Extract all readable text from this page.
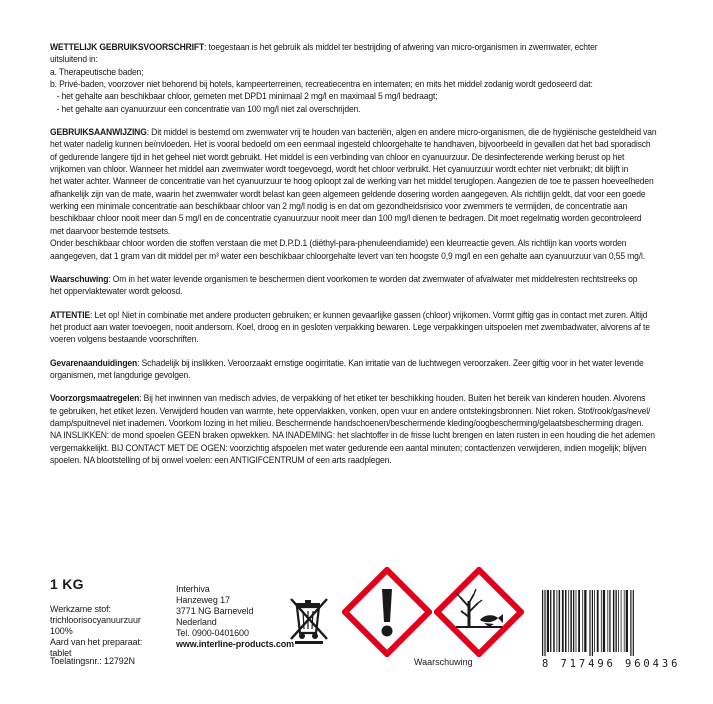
WETTELIJK GEBRUIKSVOORSCHRIFT: toegestaan is het gebruik als middel ter bestrijding of afwering van micro-organismen in zwemwater, echter
uitsluitend in:
a. Therapeutische baden;
b. Privé-baden, voorzover niet behorend bij hotels, kampeerterreinen, recreatiecentra en internaten; en mits het middel zodanig wordt gedoseerd dat:
- het gehalte aan beschikbaar chloor, gemeten met DPD1 minimaal 2 mg/l en maximaal 5 mg/l bedraagt;
- het gehalte aan cyanuurzuur een concentratie van 100 mg/l niet zal overschrijden.
GEBRUIKSAANWIJZING: Dit middel is bestemd om zwemwater vrij te houden van bacteriën, algen en andere micro-organismen, die de hygiënische gesteldheid van
het water nadelig kunnen beïnvloeden. Het is vooral bedoeld om een eenmaal ingesteld chloorgehalte te handhaven, bijvoorbeeld in gevallen dat het bad sporadisch
of gedurende langere tijd in het geheel niet wordt gebruikt. Het middel is een verbinding van chloor en cyanuurzuur. De desinfecterende werking berust op het
vrijkomen van chloor. Wanneer het middel aan zwemwater wordt toegevoegd, wordt het chloor verbruikt. Het cyanuurzuur wordt echter niet verbruikt; dit blijft in
het water achter. Wanneer de concentratie van het cyanuurzuur te hoog oploopt zal de werking van het middel teruglopen. Aangezien de toe te passen hoeveelheden
afhankelijk zijn van de mate, waarin het zwemwater wordt belast kan geen algemeen geldende dosering worden aangegeven. Als richtlijn geldt, dat voor een goede
werking een minimale concentratie aan beschikbaar chloor van 2 mg/l nodig is en dat om gezondheidsrisico voor zwemmers te vermijden, de concentratie aan
beschikbaar chloor nooit meer dan 5 mg/l en de concentratie cyanuurzuur nooit meer dan 100 mg/l dienen te bedragen. Dit moet regelmatig worden gecontroleerd
met daarvoor bestemde testsets.
Onder beschikbaar chloor worden die stoffen verstaan die met D.P.D.1 (diëthyl-para-phenuleendiamide) een kleurreactie geven. Als richtlijn kan voorts worden
aangegeven, dat 1 gram van dit middel per m³ water een beschikbaar chloorgehalte levert van ten hoogste 0,9 mg/l en een gehalte aan cyanuurzuur van 0,55 mg/l.
Waarschuwing: Om in het water levende organismen te beschermen dient voorkomen te worden dat zwemwater of afvalwater met middelresten rechtstreeks op
het oppervlaktewater wordt geloosd.
ATTENTIE: Let op! Niet in combinatie met andere producten gebruiken; er kunnen gevaarlijke gassen (chloor) vrijkomen. Vormt giftig gas in contact met zuren. Altijd
het product aan water toevoegen, nooit andersom. Koel, droog en in gesloten verpakking bewaren. Lege verpakkingen uitspoelen met zwembadwater, alvorens af te
voeren volgens bestaande voorschriften.
Gevarenaanduidingen: Schadelijk bij inslikken. Veroorzaakt ernstige oogirritatie. Kan irritatie van de luchtwegen veroorzaken. Zeer giftig voor in het water levende
organismen, met langdurige gevolgen.
Voorzorgsmaatregelen: Bij het inwinnen van medisch advies, de verpakking of het etiket ter beschikking houden. Buiten het bereik van kinderen houden. Alvorens
te gebruiken, het etiket lezen. Verwijderd houden van warmte, hete oppervlakken, vonken, open vuur en andere ontstekingsbronnen. Niet roken. Stof/rook/gas/nevel/
damp/spuitnevel niet inademen. Voorkom lozing in het milieu. Beschermende handschoenen/beschermende kleding/oogbescherming/gelaatsbescherming dragen.
NA INSLIKKEN: de mond spoelen GEEN braken opwekken. NA INADEMING: het slachtoffer in de frisse lucht brengen en laten rusten in een houding die het ademen
vergemakkelijkt. BIJ CONTACT MET DE OGEN: voorzichtig afspoelen met water gedurende een aantal minuten; contactlenzen verwijderen, indien mogelijk; blijven
spoelen. NA blootstelling of bij onwel voelen: een ANTIGIFCENTRUM of een arts raadplegen.
1 KG
Werkzame stof:
trichloorisocyanuurzuur 100%
Aard van het preparaat: tablet
Toelatingsnr.: 12792N
Interhiva
Hanzeweg 17
3771 NG Barneveld
Nederland
Tel. 0900-0401600
www.interline-products.com
Waarschuwing	8 717496 960436
